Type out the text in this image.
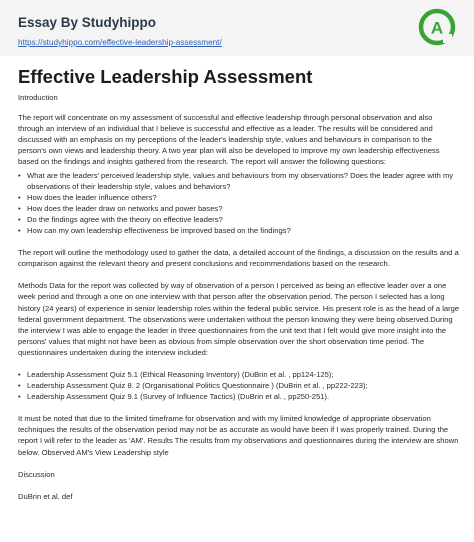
Essay By Studyhippo
https://studyhippo.com/effective-leadership-assessment/
A
Effective Leadership Assessment

Introduction

The report will concentrate on my assessment of successful and effective leadership through personal observation and also through an interview of an individual that I believe is successful and effective as a leader. The results will be considered and discussed with an emphasis on my perceptions of the leader's leadership style, values and behaviours in comparison to the person's own views and leadership theory. A two year plan will also be developed to improve my own leadership effectiveness based on the findings and insights gathered from the research. The report will answer the following questions:

• What are the leaders' perceived leadership style, values and behaviours from my observations? Does the leader agree with my observations of their leadership style, values and behaviors?
• How does the leader influence others?
• How does the leader draw on networks and power bases?
• Do the findings agree with the theory on effective leaders?
• How can my own leadership effectiveness be improved based on the findings?

The report will outline the methodology used to gather the data, a detailed account of the findings, a discussion on the results and a comparison against the relevant theory and present conclusions and recommendations based on the research.

Methods Data for the report was collected by way of observation of a person I perceived as being an effective leader over a one week period and through a one on one interview with that person after the observation period. The person I selected has a long history (24 years) of experience in senior leadership roles within the federal public service. His present role is as the head of a large federal government department. The observations were undertaken without the person knowing they were being observed.During the interview I was able to engage the leader in three questionnaires from the unit text that I felt would give more insight into the persons' values that might not have been as obvious from simple observation over the short observation time period. The questionnaires undertaken during the interview included:

• Leadership Assessment Quiz 5.1 (Ethical Reasoning Inventory) (DuBrin et al. , pp124-125);
• Leadership Assessment Quiz 8. 2 (Organisational Politics Questionnaire ) (DuBrin et al. , pp222-223);
• Leadership Assessment Quiz 9.1 (Survey of Influence Tactics) (DuBrin et al. , pp250-251).

It must be noted that due to the limited timeframe for observation and with my limited knowledge of appropriate observation techniques the results of the observation period may not be as accurate as would have been if I was properly trained. During the report I will refer to the leader as 'AM'. Results The results from my observations and questionnaires during the interview are shown below. Observed AM's View Leadership style

Discussion

DuBrin et al. def
